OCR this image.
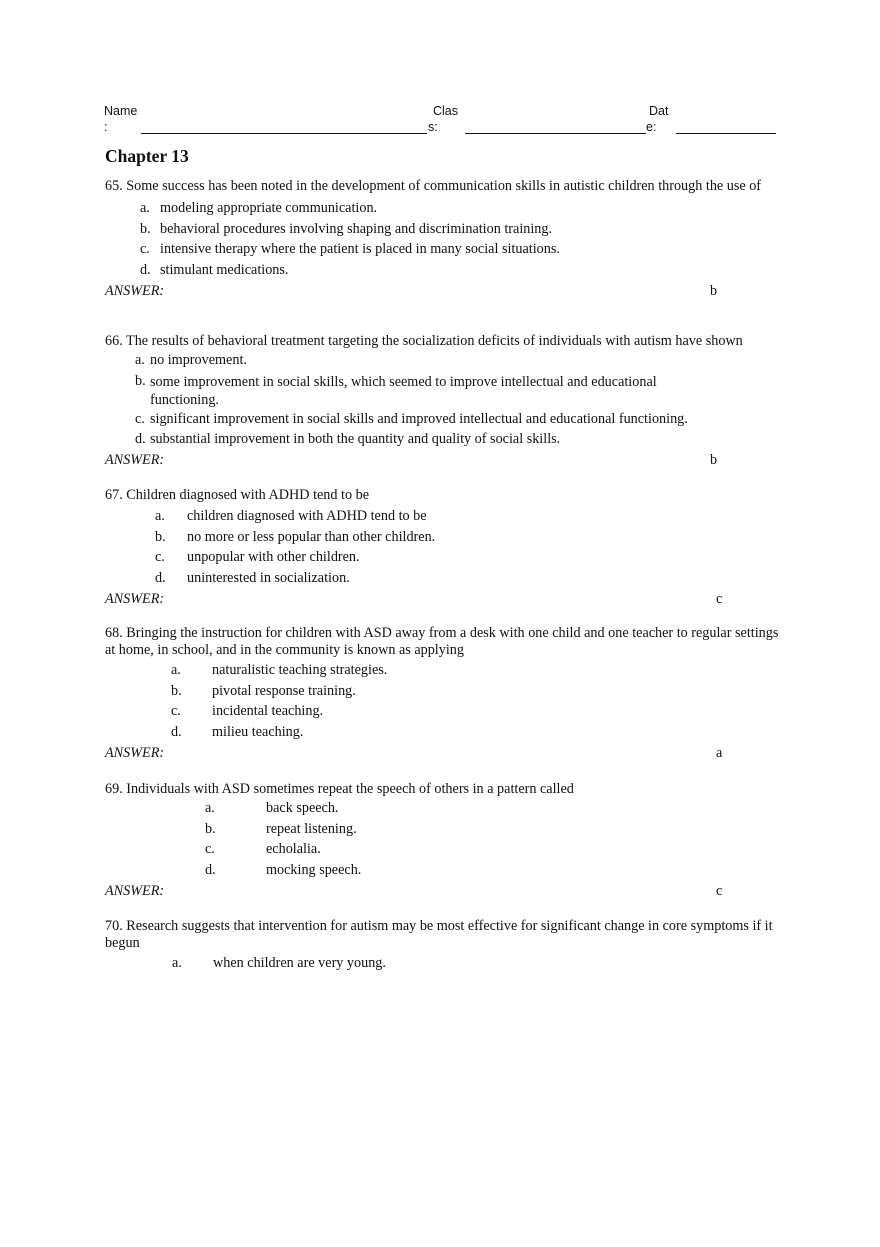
Name
:
Clas
s:
Dat
e:
Chapter 13

65. Some success has been noted in the development of communication skills in autistic children through the use of

a. modeling appropriate communication.
b. behavioral procedures involving shaping and discrimination training.
c. intensive therapy where the patient is placed in many social situations.
d. stimulant medications.
ANSWER:	b

66. The results of behavioral treatment targeting the socialization deficits of individuals with autism have shown

a. no improvement.
b. some improvement in social skills, which seemed to improve intellectual and educational functioning.
c. significant improvement in social skills and improved intellectual and educational functioning.
d. substantial improvement in both the quantity and quality of social skills.
ANSWER:	b

67. Children diagnosed with ADHD tend to be

a. children diagnosed with ADHD tend to be
b. no more or less popular than other children.
c. unpopular with other children.
d. uninterested in socialization.
ANSWER:	c

68. Bringing the instruction for children with ASD away from a desk with one child and one teacher to regular settings at home, in school, and in the community is known as applying

a. naturalistic teaching strategies.
b. pivotal response training.
c. incidental teaching.
d. milieu teaching.
ANSWER:	a

69. Individuals with ASD sometimes repeat the speech of others in a pattern called

a.	back speech.
b.	repeat listening.
c.	echolalia.
d.	mocking speech.
ANSWER:	c

70. Research suggests that intervention for autism may be most effective for significant change in core symptoms if it begun

a. when children are very young.
